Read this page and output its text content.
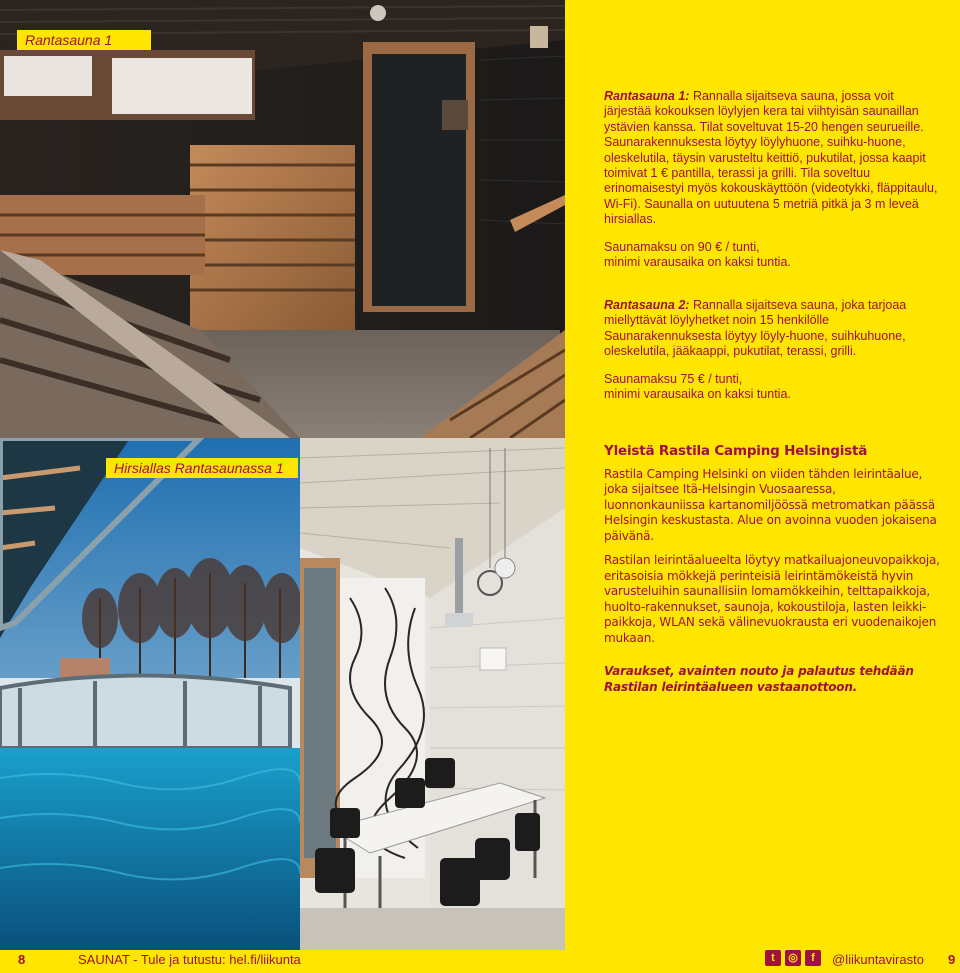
Rantasauna 1
Hirsiallas Rantasaunassa 1

Rantasauna 1: Rannalla sijaitseva sauna, jossa voit järjestää kokouksen löylyjen kera tai viihtyisän saunaillan ystävien kanssa. Tilat soveltuvat 15-20 hengen seurueille. Saunarakennuksesta löytyy löylyhuone, suihku-huone, oleskelutila, täysin varusteltu keittiö, pukutilat, jossa kaapit toimivat 1 € pantilla, terassi ja grilli. Tila soveltuu erinomaisestyi myös kokouskäyttöön (videotykki, fläppitaulu, Wi-Fi). Saunalla on uutuutena 5 metriä pitkä ja 3 m leveä hirsiallas.

Saunamaksu on 90 € / tunti,

minimi varausaika on kaksi tuntia.

Rantasauna 2: Rannalla sijaitseva sauna, joka tarjoaa miellyttävät löylyhetket noin 15 henkilölle Saunarakennuksesta löytyy löyly-huone, suihkuhuone, oleskelutila, jääkaappi, pukutilat, terassi, grilli.

Saunamaksu 75 € / tunti,

minimi varausaika on kaksi tuntia.

Yleistä Rastila Camping Helsingistä

Rastila Camping Helsinki on viiden tähden leirintäalue, joka sijaitsee Itä-Helsingin Vuosaaressa, luonnonkauniissa kartanomiljöössä metromatkan päässä Helsingin keskustasta. Alue on avoinna vuoden jokaisena päivänä.

Rastilan leirintäalueelta löytyy matkailuajoneuvopaikkoja, eritasoisia mökkejä perinteisiä leirintämökeistä hyvin varusteluihin saunallisiin lomamökkeihin, telttapaikkoja, huolto-rakennukset, saunoja, kokoustiloja, lasten leikki-paikkoja, WLAN sekä välinevuokrausta eri vuodenaikojen mukaan.

Varaukset, avainten nouto ja palautus tehdään Rastilan leirintäalueen vastaanottoon.

8	SAUNAT - Tule ja tutustu: hel.fi/liikunta	t	◎	f	@liikuntavirasto 9
